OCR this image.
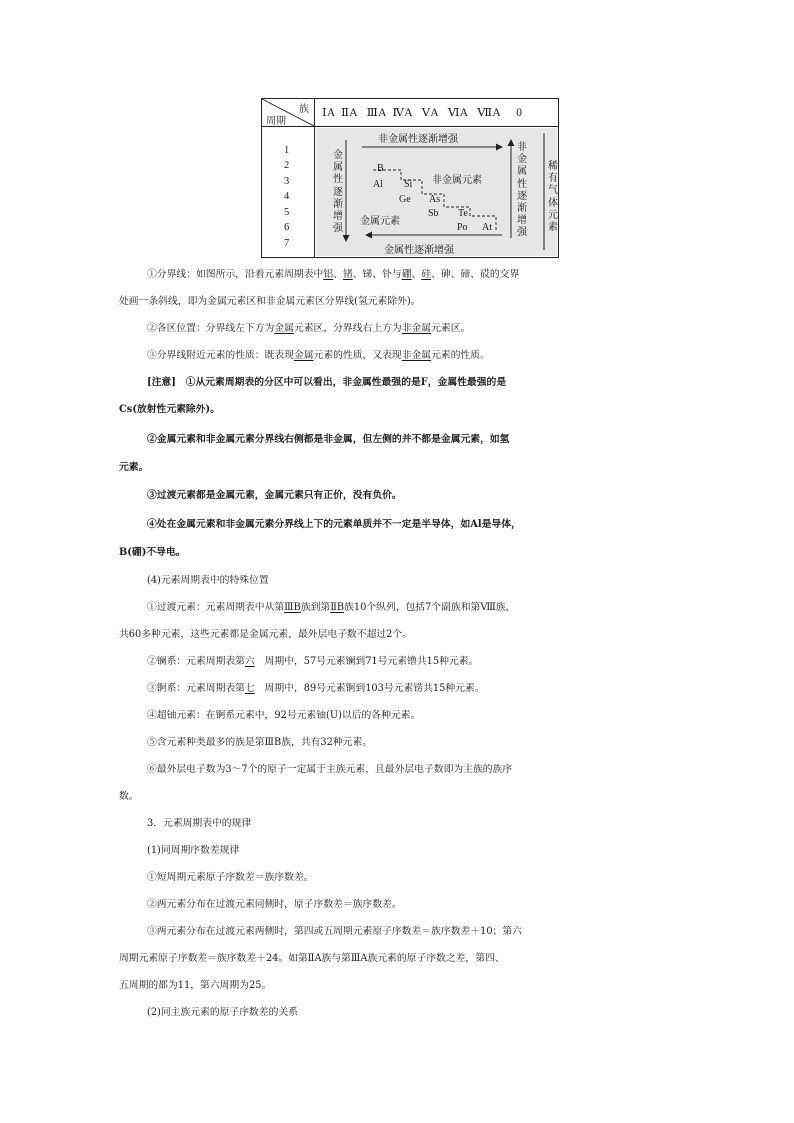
族
周期
ⅠA  ⅡA   ⅢA  ⅣA   ⅤA   ⅥA   ⅦA     0
1
2
3
4
5
6
7
非金属性逐渐增强
金属性逐渐增强
金属性逐渐增强
非金属性逐渐增强
稀有气体元素
非金属元素
金属元素
B
Al Si
Ge As
Sb Te
Po At
①分界线：如图所示，沿着元素周期表中铝、锗、锑、钋与硼、硅、砷、碲、砹的交界
处画一条斜线，即为金属元素区和非金属元素区分界线(氢元素除外)。
②各区位置：分界线左下方为金属元素区，分界线右上方为非金属元素区。
③分界线附近元素的性质：既表现金属元素的性质，又表现非金属元素的性质。
[注意]　①从元素周期表的分区中可以看出，非金属性最强的是F，金属性最强的是
Cs(放射性元素除外)。
②金属元素和非金属元素分界线右侧都是非金属，但左侧的并不都是金属元素，如氢
元素。
③过渡元素都是金属元素，金属元素只有正价，没有负价。
④处在金属元素和非金属元素分界线上下的元素单质并不一定是半导体，如Al是导体，
B(硼)不导电。
(4)元素周期表中的特殊位置
①过渡元素：元素周期表中从第ⅢB族到第ⅡB族10个纵列，包括7个副族和第Ⅷ族，
共60多种元素，这些元素都是金属元素，最外层电子数不超过2个。
②镧系：元素周期表第六　周期中，57号元素镧到71号元素镥共15种元素。
③锕系：元素周期表第七　周期中，89号元素锕到103号元素铹共15种元素。
④超铀元素：在锕系元素中，92号元素铀(U)以后的各种元素。
⑤含元素种类最多的族是第ⅢB族，共有32种元素。
⑥最外层电子数为3～7个的原子一定属于主族元素，且最外层电子数即为主族的族序
数。
3．元素周期表中的规律
(1)同周期序数差规律
①短周期元素原子序数差＝族序数差。
②两元素分布在过渡元素同侧时，原子序数差＝族序数差。
③两元素分布在过渡元素两侧时，第四或五周期元素原子序数差＝族序数差＋10；第六
周期元素原子序数差＝族序数差＋24。如第ⅡA族与第ⅢA族元素的原子序数之差，第四、
五周期的都为11，第六周期为25。
(2)同主族元素的原子序数差的关系
